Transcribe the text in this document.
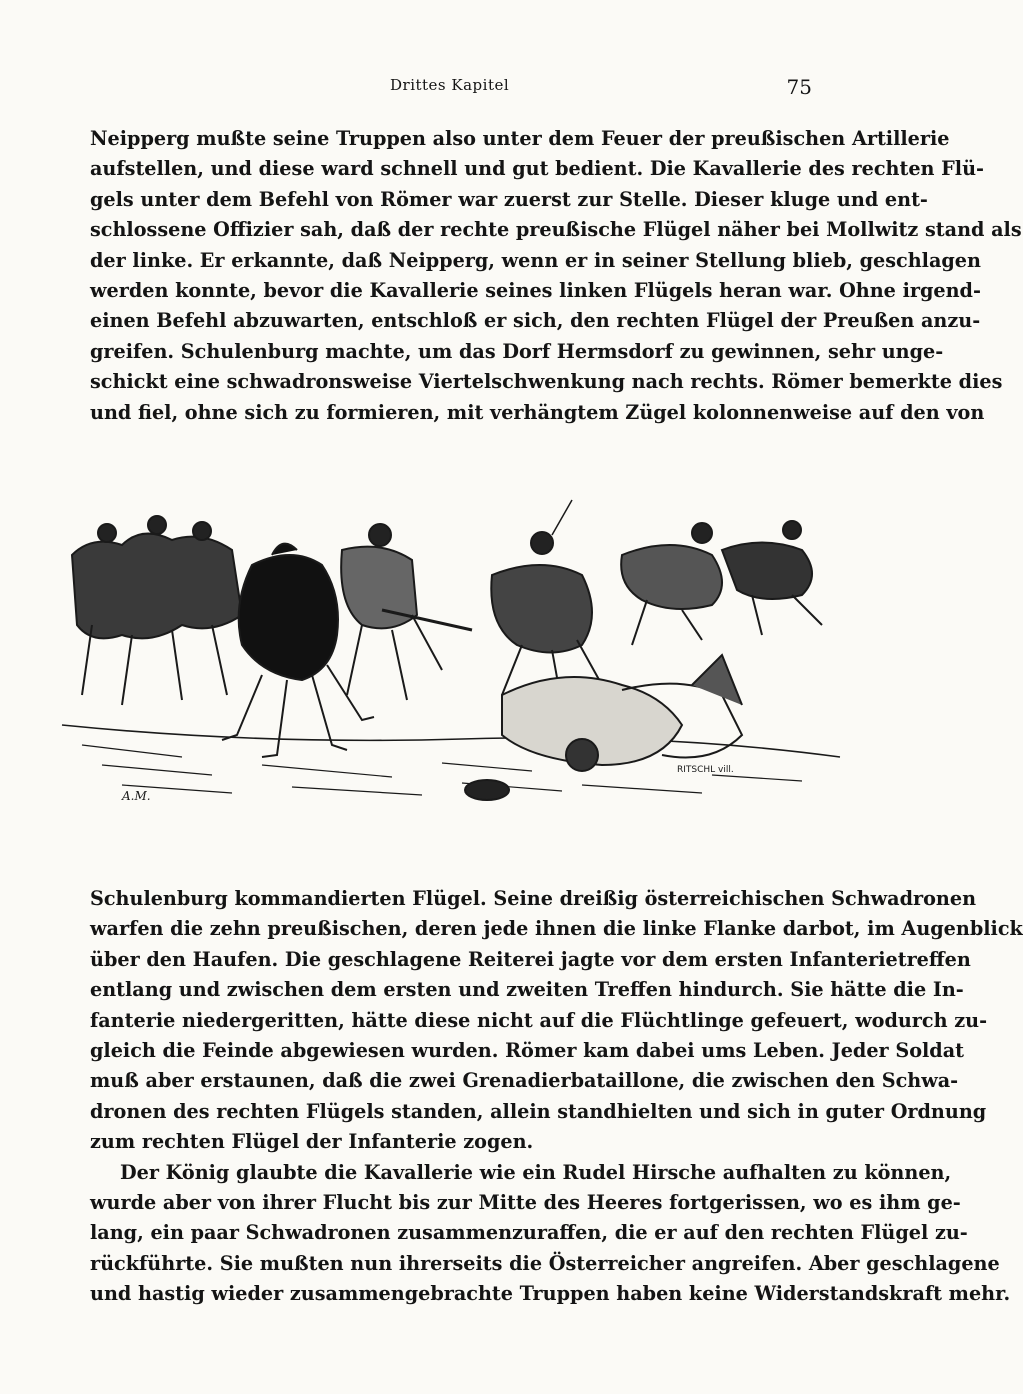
Drittes Kapitel	75
Neipperg mußte seine Truppen also unter dem Feuer der preußischen Artillerie
aufstellen, und diese ward schnell und gut bedient. Die Kavallerie des rechten Flü-
gels unter dem Befehl von Römer war zuerst zur Stelle. Dieser kluge und ent-
schlossene Offizier sah, daß der rechte preußische Flügel näher bei Mollwitz stand als
der linke. Er erkannte, daß Neipperg, wenn er in seiner Stellung blieb, geschlagen
werden konnte, bevor die Kavallerie seines linken Flügels heran war. Ohne irgend-
einen Befehl abzuwarten, entschloß er sich, den rechten Flügel der Preußen anzu-
greifen. Schulenburg machte, um das Dorf Hermsdorf zu gewinnen, sehr unge-
schickt eine schwadronsweise Viertelschwenkung nach rechts. Römer bemerkte dies
und fiel, ohne sich zu formieren, mit verhängtem Zügel kolonnenweise auf den von
A.M.
RITSCHL vill.
Schulenburg kommandierten Flügel. Seine dreißig österreichischen Schwadronen
warfen die zehn preußischen, deren jede ihnen die linke Flanke darbot, im Augenblick
über den Haufen. Die geschlagene Reiterei jagte vor dem ersten Infanterietreffen
entlang und zwischen dem ersten und zweiten Treffen hindurch. Sie hätte die In-
fanterie niedergeritten, hätte diese nicht auf die Flüchtlinge gefeuert, wodurch zu-
gleich die Feinde abgewiesen wurden. Römer kam dabei ums Leben. Jeder Soldat
muß aber erstaunen, daß die zwei Grenadierbataillone, die zwischen den Schwa-
dronen des rechten Flügels standen, allein standhielten und sich in guter Ordnung
zum rechten Flügel der Infanterie zogen.
Der König glaubte die Kavallerie wie ein Rudel Hirsche aufhalten zu können,
wurde aber von ihrer Flucht bis zur Mitte des Heeres fortgerissen, wo es ihm ge-
lang, ein paar Schwadronen zusammenzuraffen, die er auf den rechten Flügel zu-
rückführte. Sie mußten nun ihrerseits die Österreicher angreifen. Aber geschlagene
und hastig wieder zusammengebrachte Truppen haben keine Widerstandskraft mehr.
